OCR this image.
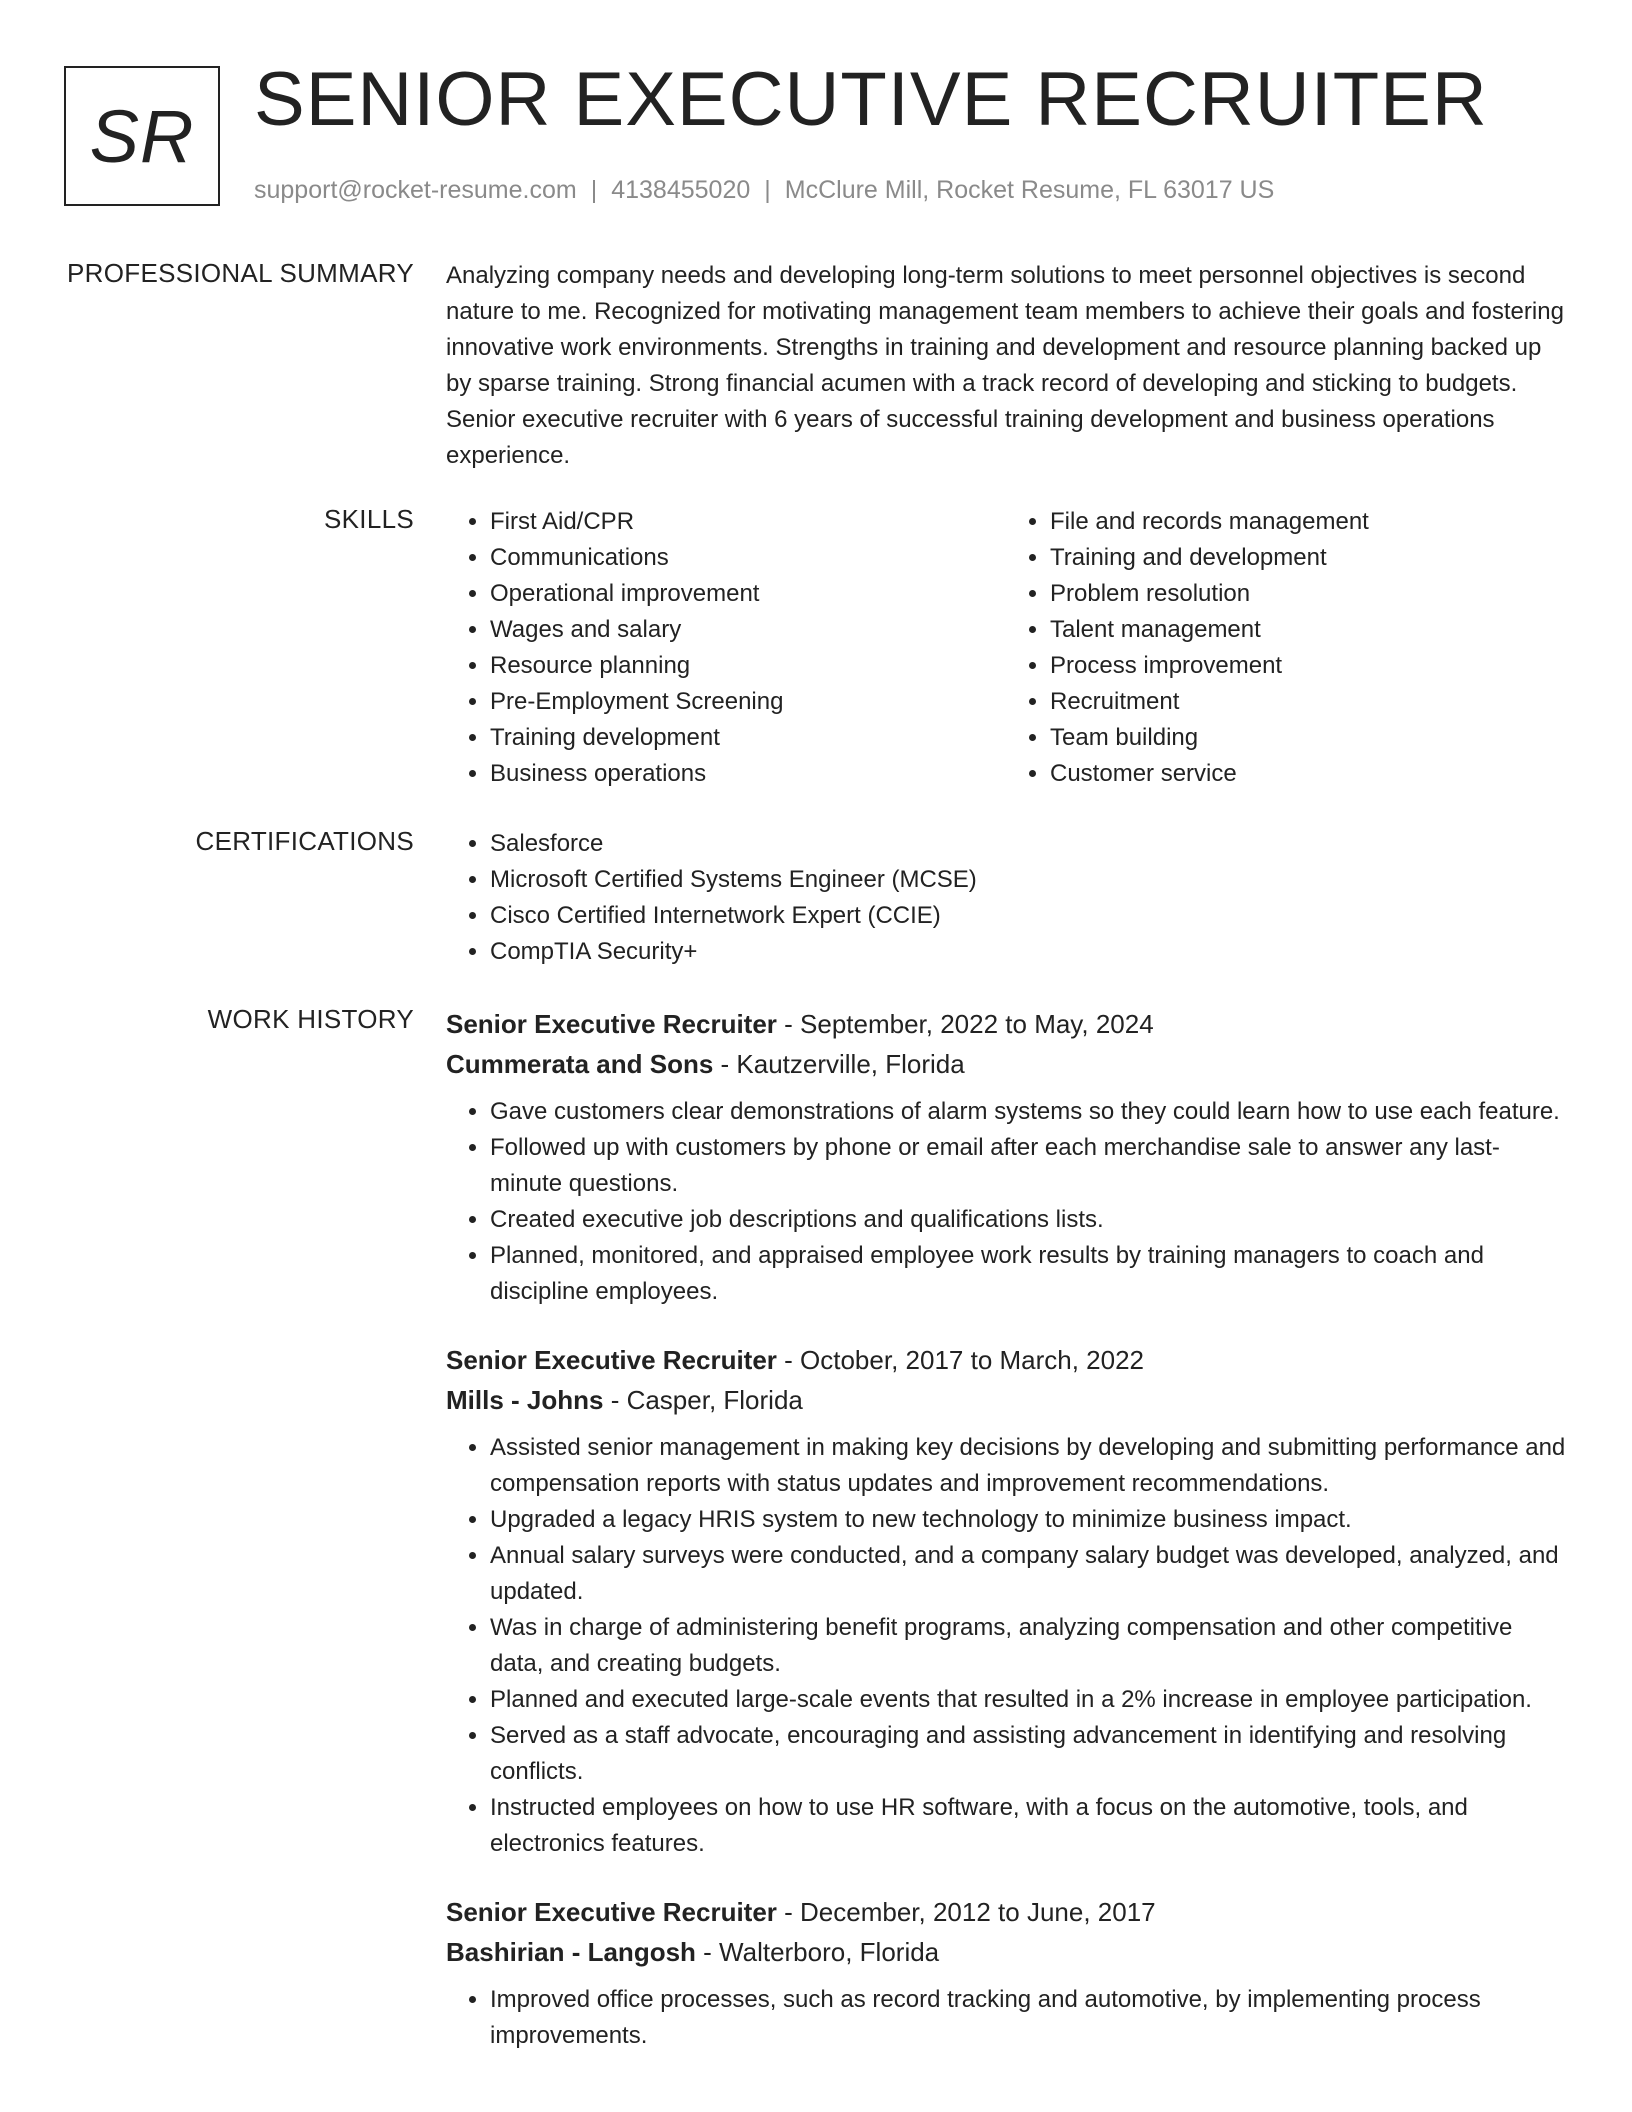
SR SENIOR EXECUTIVE RECRUITER
support@rocket-resume.com | 4138455020 | McClure Mill, Rocket Resume, FL 63017 US
PROFESSIONAL SUMMARY Analyzing company needs and developing long-term solutions to meet personnel objectives is second nature to me. Recognized for motivating management team members to achieve their goals and fostering innovative work environments. Strengths in training and development and resource planning backed up by sparse training. Strong financial acumen with a track record of developing and sticking to budgets. Senior executive recruiter with 6 years of successful training development and business operations experience.

SKILLS	• First Aid/CPR
• Communications
• Operational improvement
• Wages and salary
• Resource planning
• Pre-Employment Screening
• Training development
• Business operations
• File and records management
• Training and development
• Problem resolution
• Talent management
• Process improvement
• Recruitment
• Team building
• Customer service
CERTIFICATIONS	• Salesforce
• Microsoft Certified Systems Engineer (MCSE)
• Cisco Certified Internetwork Expert (CCIE)
• CompTIA Security+
WORK HISTORY Senior Executive Recruiter - September, 2022 to May, 2024

Cummerata and Sons - Kautzerville, Florida

• Gave customers clear demonstrations of alarm systems so they could learn how to use each feature.
• Followed up with customers by phone or email after each merchandise sale to answer any last-minute questions.
• Created executive job descriptions and qualifications lists.
• Planned, monitored, and appraised employee work results by training managers to coach and discipline employees.

Senior Executive Recruiter - October, 2017 to March, 2022

Mills - Johns - Casper, Florida

• Assisted senior management in making key decisions by developing and submitting performance and compensation reports with status updates and improvement recommendations.
• Upgraded a legacy HRIS system to new technology to minimize business impact.
• Annual salary surveys were conducted, and a company salary budget was developed, analyzed, and updated.
• Was in charge of administering benefit programs, analyzing compensation and other competitive data, and creating budgets.
• Planned and executed large-scale events that resulted in a 2% increase in employee participation.
• Served as a staff advocate, encouraging and assisting advancement in identifying and resolving conflicts.
• Instructed employees on how to use HR software, with a focus on the automotive, tools, and electronics features.

Senior Executive Recruiter - December, 2012 to June, 2017

Bashirian - Langosh - Walterboro, Florida

• Improved office processes, such as record tracking and automotive, by implementing process improvements.
